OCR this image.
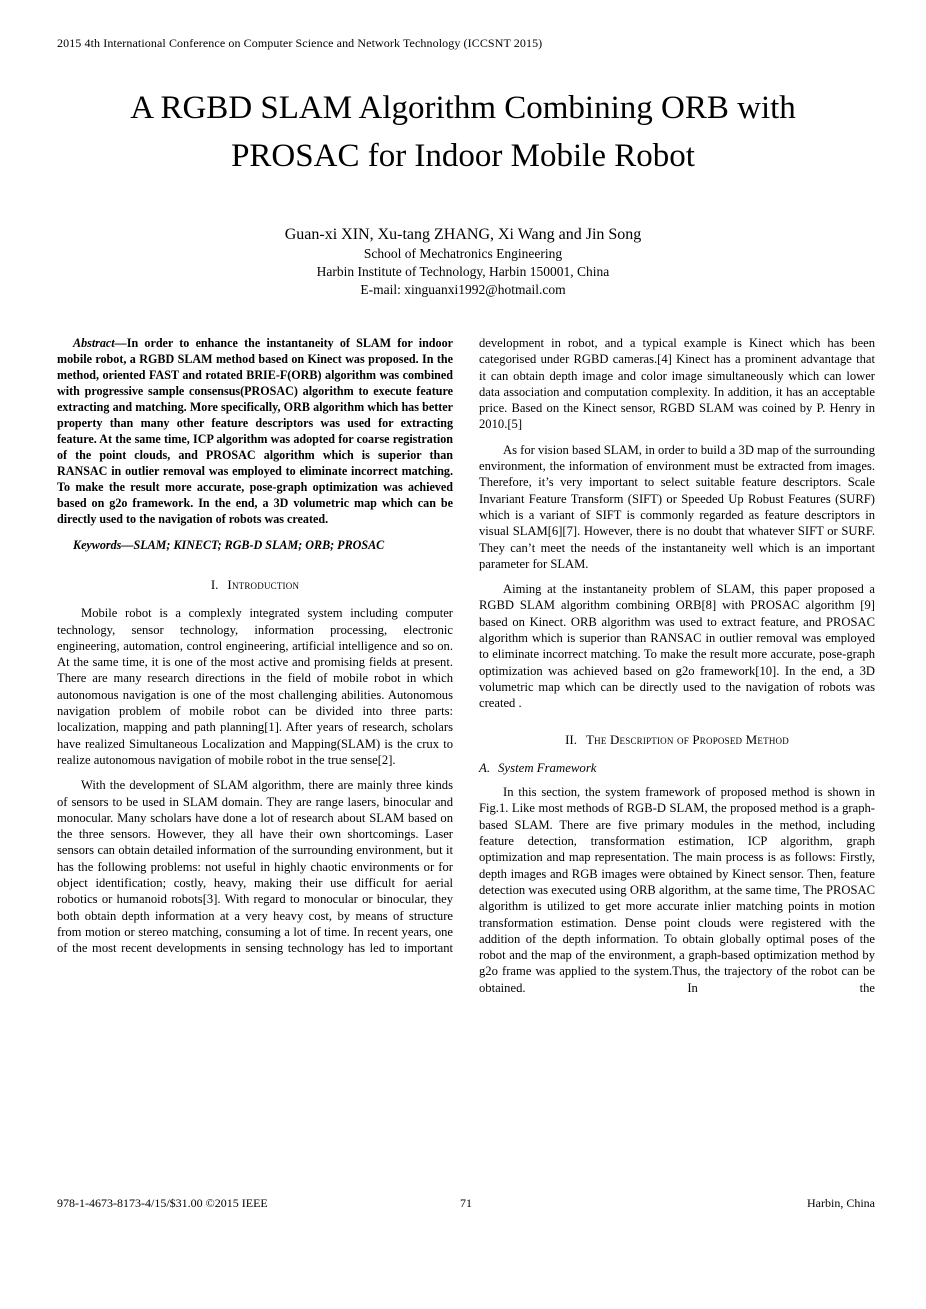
2015 4th International Conference on Computer Science and Network Technology (ICCSNT 2015)
A RGBD SLAM Algorithm Combining ORB with
PROSAC for Indoor Mobile Robot
Guan-xi XIN, Xu-tang ZHANG, Xi Wang and Jin Song
School of Mechatronics Engineering
Harbin Institute of Technology, Harbin 150001, China
E-mail: xinguanxi1992@hotmail.com

Abstract—In order to enhance the instantaneity of SLAM for indoor mobile robot, a RGBD SLAM method based on Kinect was proposed. In the method, oriented FAST and rotated BRIE-F(ORB) algorithm was combined with progressive sample consensus(PROSAC) algorithm to execute feature extracting and matching. More specifically, ORB algorithm which has better property than many other feature descriptors was used for extracting feature. At the same time, ICP algorithm was adopted for coarse registration of the point clouds, and PROSAC algorithm which is superior than RANSAC in outlier removal was employed to eliminate incorrect matching. To make the result more accurate, pose-graph optimization was achieved based on g2o framework. In the end, a 3D volumetric map which can be directly used to the navigation of robots was created.

Keywords—SLAM; KINECT; RGB-D SLAM; ORB; PROSAC

I. Introduction

Mobile robot is a complexly integrated system including computer technology, sensor technology, information processing, electronic engineering, automation, control engineering, artificial intelligence and so on. At the same time, it is one of the most active and promising fields at present. There are many research directions in the field of mobile robot in which autonomous navigation is one of the most challenging abilities. Autonomous navigation problem of mobile robot can be divided into three parts: localization, mapping and path planning[1]. After years of research, scholars have realized Simultaneous Localization and Mapping(SLAM) is the crux to realize autonomous navigation of mobile robot in the true sense[2].

With the development of SLAM algorithm, there are mainly three kinds of sensors to be used in SLAM domain. They are range lasers, binocular and monocular. Many scholars have done a lot of research about SLAM based on the three sensors. However, they all have their own shortcomings. Laser sensors can obtain detailed information of the surrounding environment, but it has the following problems: not useful in highly chaotic environments or for object identification; costly, heavy, making their use difficult for aerial robotics or humanoid robots[3]. With regard to monocular or binocular, they both obtain depth information at a very heavy cost, by means of structure from motion or stereo matching, consuming a lot of time. In recent years, one of the most recent developments in sensing technology has led to important

development in robot, and a typical example is Kinect which has been categorised under RGBD cameras.[4] Kinect has a prominent advantage that it can obtain depth image and color image simultaneously which can lower data association and computation complexity. In addition, it has an acceptable price. Based on the Kinect sensor, RGBD SLAM was coined by P. Henry in 2010.[5]

As for vision based SLAM, in order to build a 3D map of the surrounding environment, the information of environment must be extracted from images. Therefore, it’s very important to select suitable feature descriptors. Scale Invariant Feature Transform (SIFT) or Speeded Up Robust Features (SURF) which is a variant of SIFT is commonly regarded as feature descriptors in visual SLAM[6][7]. However, there is no doubt that whatever SIFT or SURF. They can’t meet the needs of the instantaneity well which is an important parameter for SLAM.

Aiming at the instantaneity problem of SLAM, this paper proposed a RGBD SLAM algorithm combining ORB[8] with PROSAC algorithm [9] based on Kinect. ORB algorithm was used to extract feature, and PROSAC algorithm which is superior than RANSAC in outlier removal was employed to eliminate incorrect matching. To make the result more accurate, pose-graph optimization was achieved based on g2o framework[10]. In the end, a 3D volumetric map which can be directly used to the navigation of robots was created .

II. The Description of Proposed Method
A. System Framework

In this section, the system framework of proposed method is shown in Fig.1. Like most methods of RGB-D SLAM, the proposed method is a graph-based SLAM. There are five primary modules in the method, including feature detection, transformation estimation, ICP algorithm, graph optimization and map representation. The main process is as follows: Firstly, depth images and RGB images were obtained by Kinect sensor. Then, feature detection was executed using ORB algorithm, at the same time, The PROSAC algorithm is utilized to get more accurate inlier matching points in motion transformation estimation. Dense point clouds were registered with the addition of the depth information. To obtain globally optimal poses of the robot and the map of the environment, a graph-based optimization method by g2o frame was applied to the system.Thus, the trajectory of the robot can be obtained. In the

978-1-4673-8173-4/15/$31.00 ©2015 IEEE	71	Harbin, China
